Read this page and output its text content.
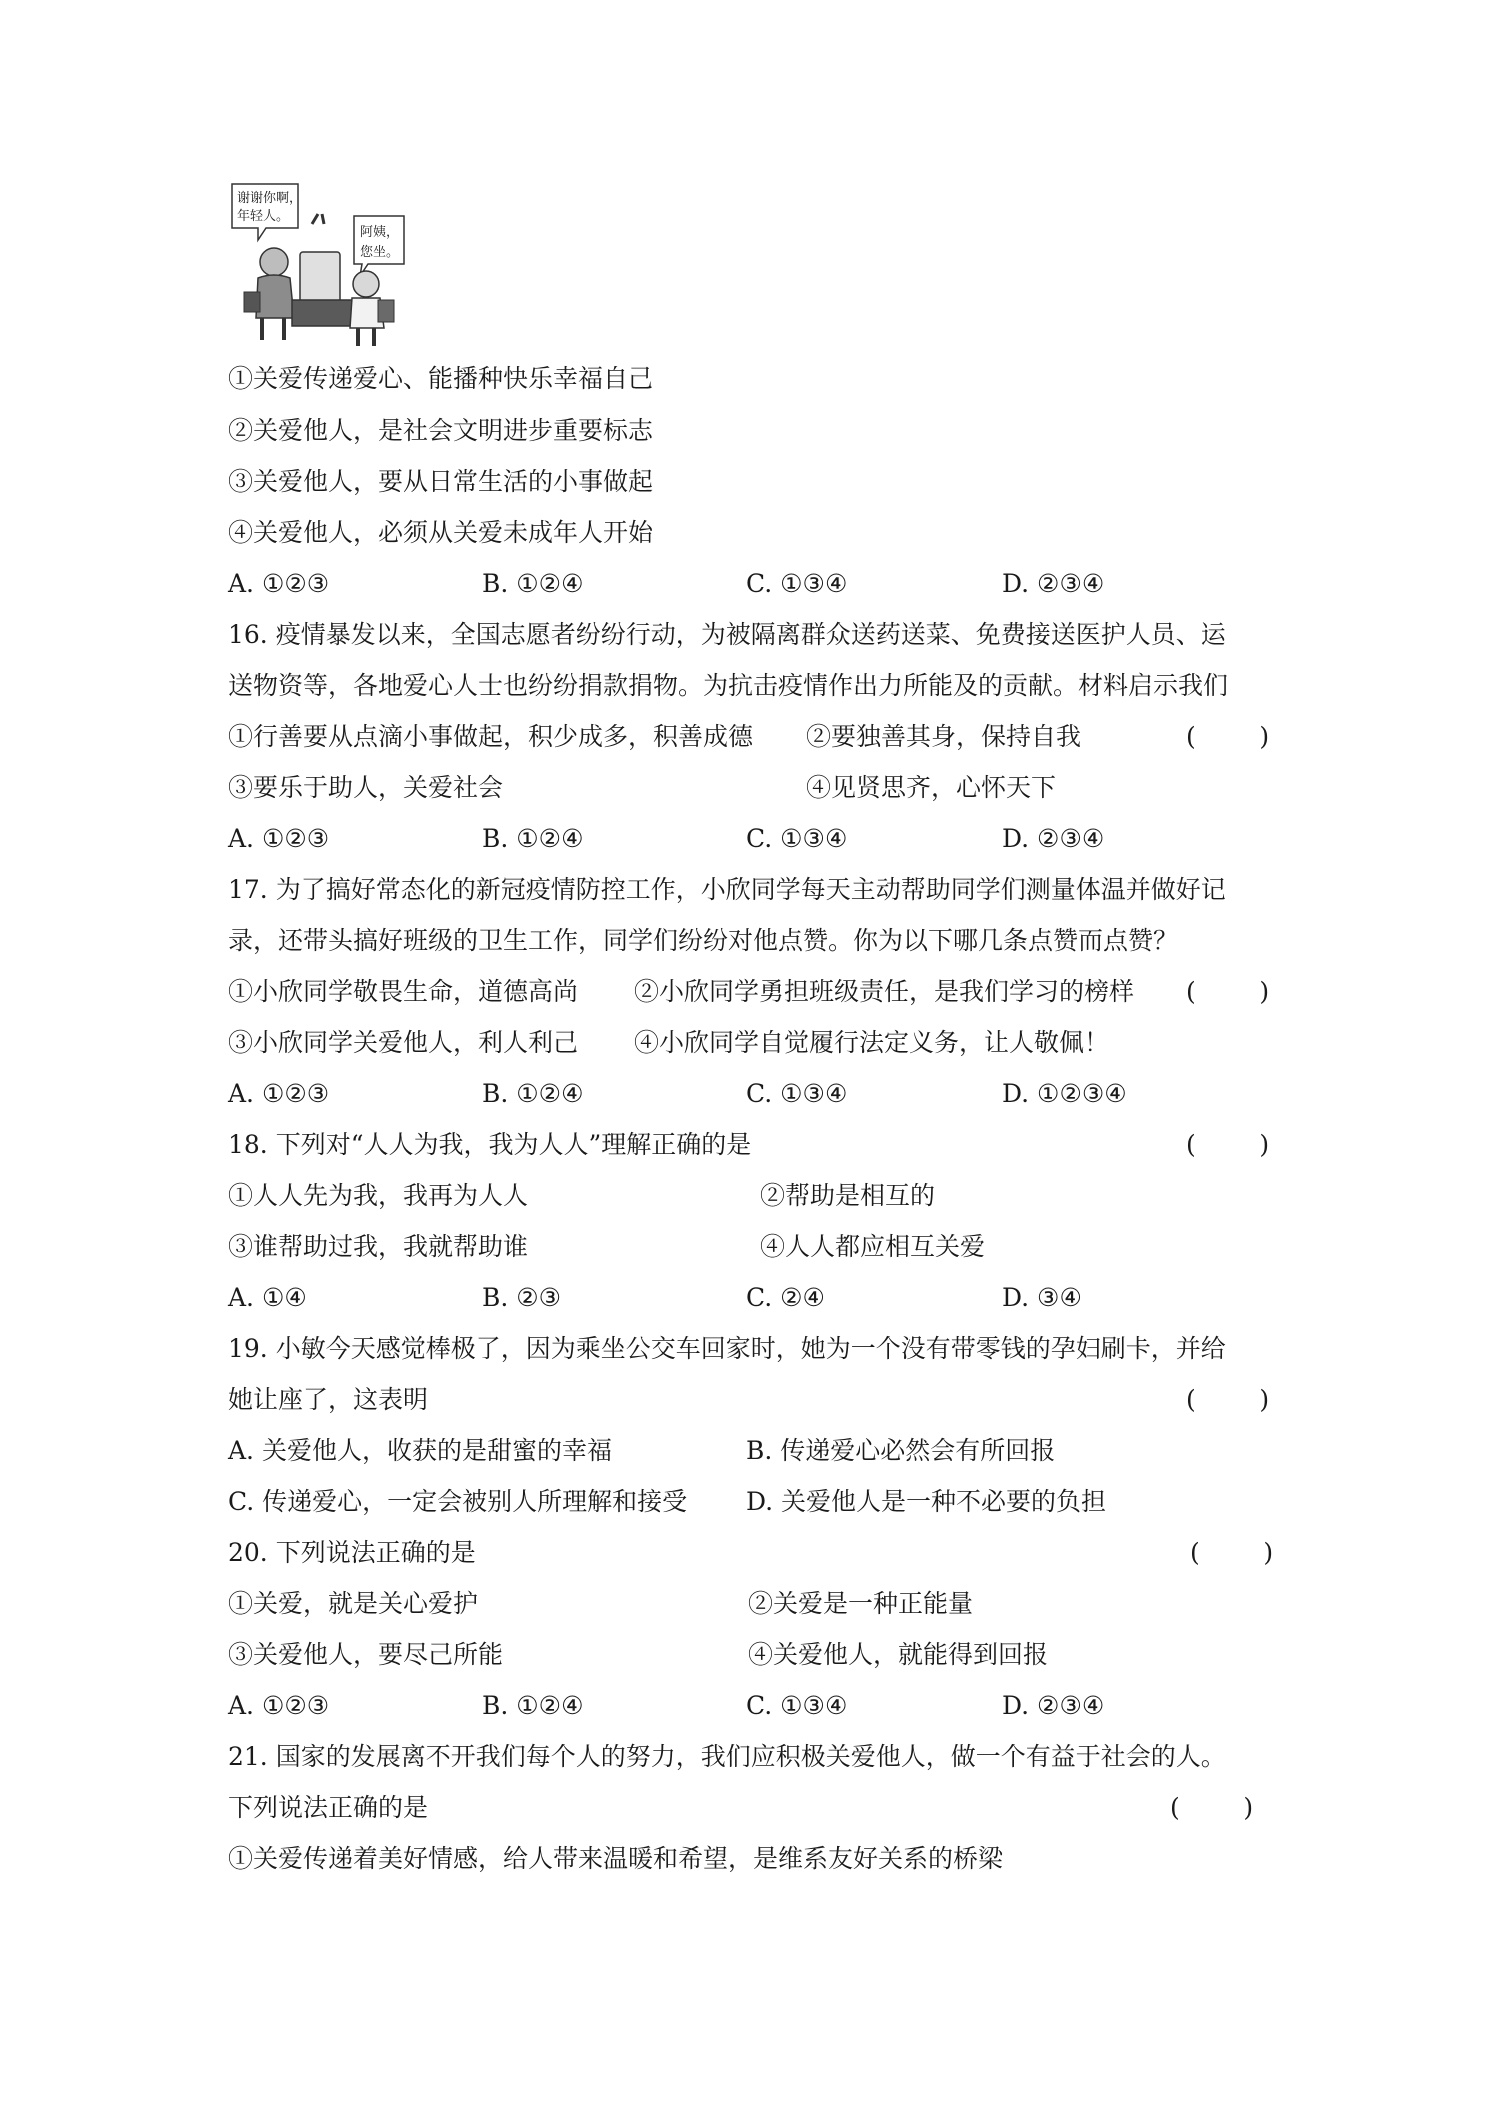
谢谢你啊，
年轻人。
阿姨，
您坐。
①关爱传递爱心、能播种快乐幸福自己
②关爱他人，是社会文明进步重要标志
③关爱他人，要从日常生活的小事做起
④关爱他人，必须从关爱未成年人开始
A. ①②③	B. ①②④	C. ①③④	D. ②③④
16. 疫情暴发以来，全国志愿者纷纷行动，为被隔离群众送药送菜、免费接送医护人员、运
送物资等，各地爱心人士也纷纷捐款捐物。为抗击疫情作出力所能及的贡献。材料启示我们
①行善要从点滴小事做起，积少成多，积善成德 ②要独善其身，保持自我	(        )
③要乐于助人，关爱社会	④见贤思齐，心怀天下
A. ①②③	B. ①②④	C. ①③④	D. ②③④
17. 为了搞好常态化的新冠疫情防控工作，小欣同学每天主动帮助同学们测量体温并做好记
录，还带头搞好班级的卫生工作，同学们纷纷对他点赞。你为以下哪几条点赞而点赞？
①小欣同学敬畏生命，道德高尚 ②小欣同学勇担班级责任，是我们学习的榜样 (        )
③小欣同学关爱他人，利人利己 ④小欣同学自觉履行法定义务，让人敬佩！
A. ①②③	B. ①②④	C. ①③④	D. ①②③④
18. 下列对“人人为我，我为人人”理解正确的是	(        )
①人人先为我，我再为人人	②帮助是相互的
③谁帮助过我，我就帮助谁	④人人都应相互关爱
A. ①④	B. ②③	C. ②④	D. ③④
19. 小敏今天感觉棒极了，因为乘坐公交车回家时，她为一个没有带零钱的孕妇刷卡，并给
她让座了，这表明	(        )
A. 关爱他人，收获的是甜蜜的幸福	B. 传递爱心必然会有所回报
C. 传递爱心，一定会被别人所理解和接受 D. 关爱他人是一种不必要的负担
20. 下列说法正确的是	(        )
①关爱，就是关心爱护	②关爱是一种正能量
③关爱他人，要尽己所能	④关爱他人，就能得到回报
A. ①②③	B. ①②④	C. ①③④	D. ②③④
21. 国家的发展离不开我们每个人的努力，我们应积极关爱他人，做一个有益于社会的人。
下列说法正确的是	(        )
①关爱传递着美好情感，给人带来温暖和希望，是维系友好关系的桥梁
